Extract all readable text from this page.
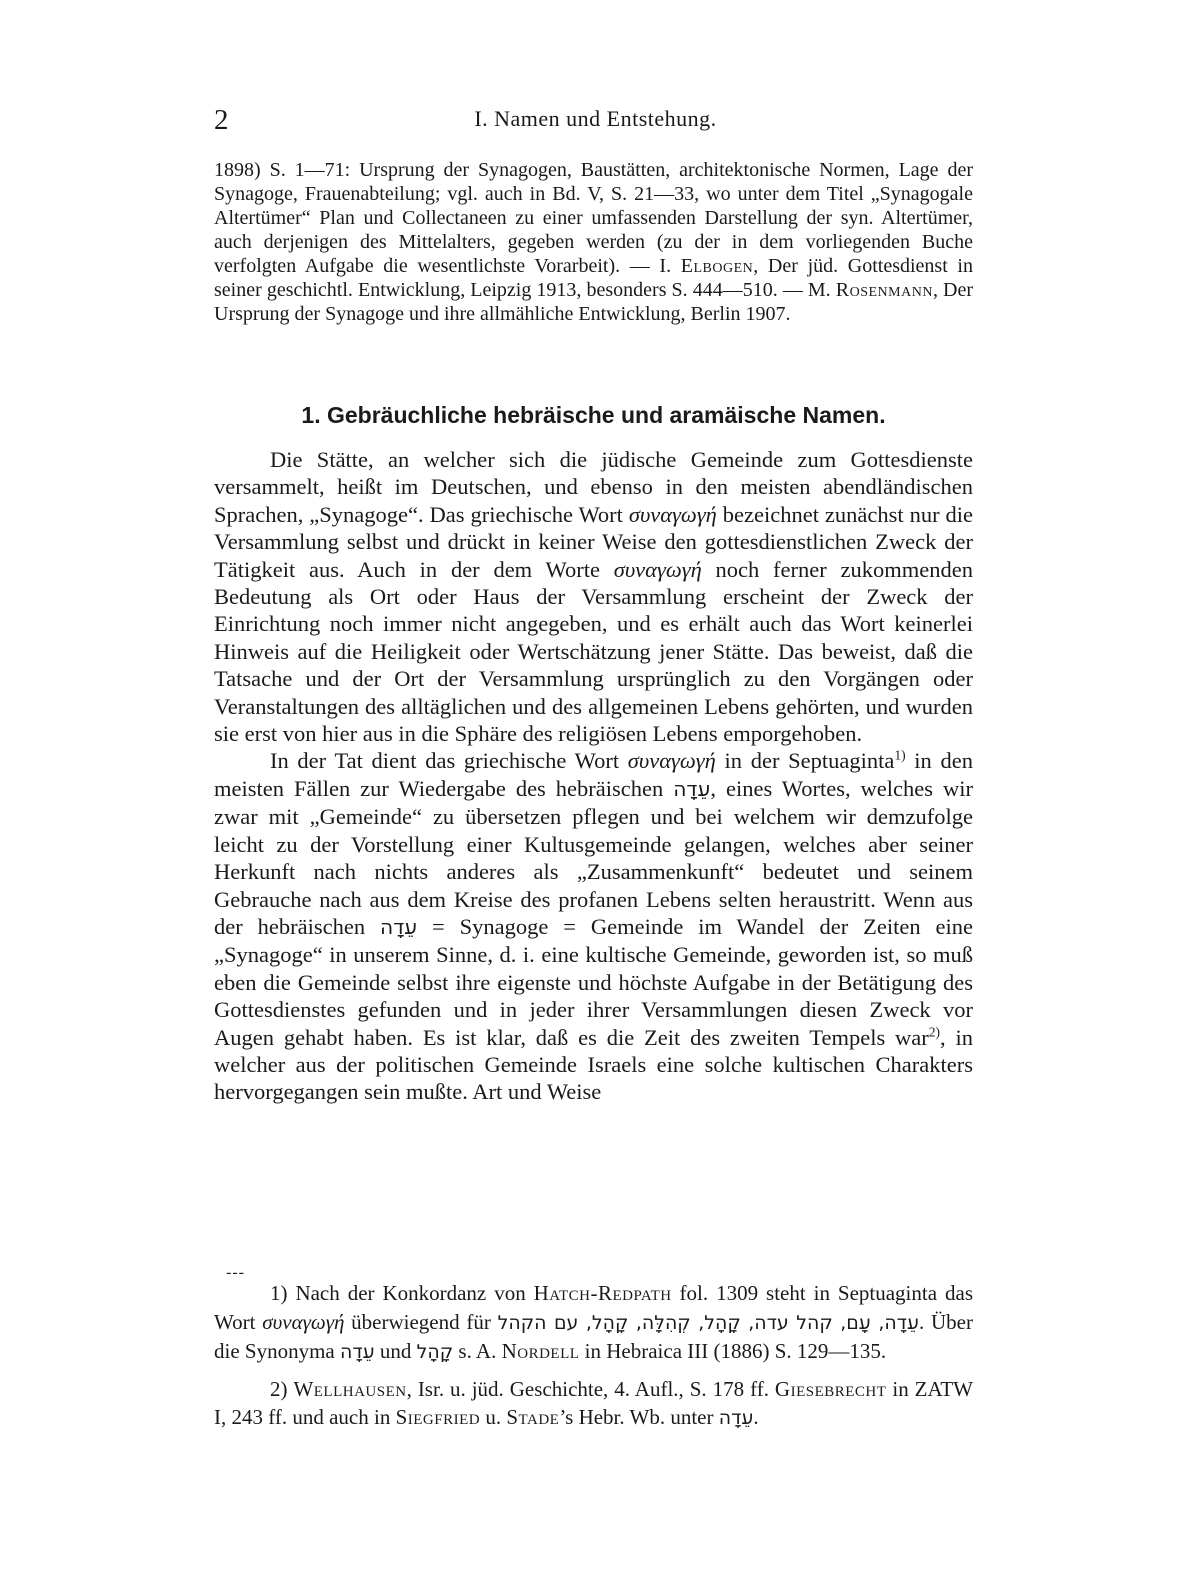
2	I. Namen und Entstehung.

1898) S. 1—71: Ursprung der Synagogen, Baustätten, architektonische Normen, Lage der Synagoge, Frauenabteilung; vgl. auch in Bd. V, S. 21—33, wo unter dem Titel „Synagogale Altertümer“ Plan und Collectaneen zu einer umfassenden Darstellung der syn. Altertümer, auch derjenigen des Mittelalters, gegeben werden (zu der in dem vorliegenden Buche verfolgten Aufgabe die wesentlichste Vorarbeit). — I. Elbogen, Der jüd. Gottesdienst in seiner geschichtl. Entwicklung, Leipzig 1913, besonders S. 444—510. — M. Rosenmann, Der Ursprung der Synagoge und ihre allmähliche Entwicklung, Berlin 1907.

1. Gebräuchliche hebräische und aramäische Namen.

Die Stätte, an welcher sich die jüdische Gemeinde zum Gottesdienste versammelt, heißt im Deutschen, und ebenso in den meisten abendländischen Sprachen, „Synagoge“. Das griechische Wort συναγωγή bezeichnet zunächst nur die Versammlung selbst und drückt in keiner Weise den gottesdienstlichen Zweck der Tätigkeit aus. Auch in der dem Worte συναγωγή noch ferner zukommenden Bedeutung als Ort oder Haus der Versammlung erscheint der Zweck der Einrichtung noch immer nicht angegeben, und es erhält auch das Wort keinerlei Hinweis auf die Heiligkeit oder Wertschätzung jener Stätte. Das beweist, daß die Tatsache und der Ort der Versammlung ursprünglich zu den Vorgängen oder Veranstaltungen des alltäglichen und des allgemeinen Lebens gehörten, und wurden sie erst von hier aus in die Sphäre des religiösen Lebens emporgehoben.

In der Tat dient das griechische Wort συναγωγή in der Septuaginta$^{1)}$ in den meisten Fällen zur Wiedergabe des hebräischen עֵדָה, eines Wortes, welches wir zwar mit „Gemeinde“ zu übersetzen pflegen und bei welchem wir demzufolge leicht zu der Vorstellung einer Kultusgemeinde gelangen, welches aber seiner Herkunft nach nichts anderes als „Zusammenkunft“ bedeutet und seinem Gebrauche nach aus dem Kreise des profanen Lebens selten heraustritt. Wenn aus der hebräischen עֵדָה = Synagoge = Gemeinde im Wandel der Zeiten eine „Synagoge“ in unserem Sinne, d. i. eine kultische Gemeinde, geworden ist, so muß eben die Gemeinde selbst ihre eigenste und höchste Aufgabe in der Betätigung des Gottesdienstes gefunden und in jeder ihrer Versammlungen diesen Zweck vor Augen gehabt haben. Es ist klar, daß es die Zeit des zweiten Tempels war$^{2)}$, in welcher aus der politischen Gemeinde Israels eine solche kultischen Charakters hervorgegangen sein mußte. Art und Weise

---

1) Nach der Konkordanz von Hatch-Redpath fol. 1309 steht in Septuaginta das Wort συναγωγή überwiegend für עֵדָה, עָם, קהל עדה, קָהָל, קְהִלָּה, קָהָל, עם הקהל. Über die Synonyma עֵדָה und קָהָל s. A. Nordell in Hebraica III (1886) S. 129—135.

2) Wellhausen, Isr. u. jüd. Geschichte, 4. Aufl., S. 178 ff. Giesebrecht in ZATW I, 243 ff. und auch in Siegfried u. Stade’s Hebr. Wb. unter עֵדָה.
